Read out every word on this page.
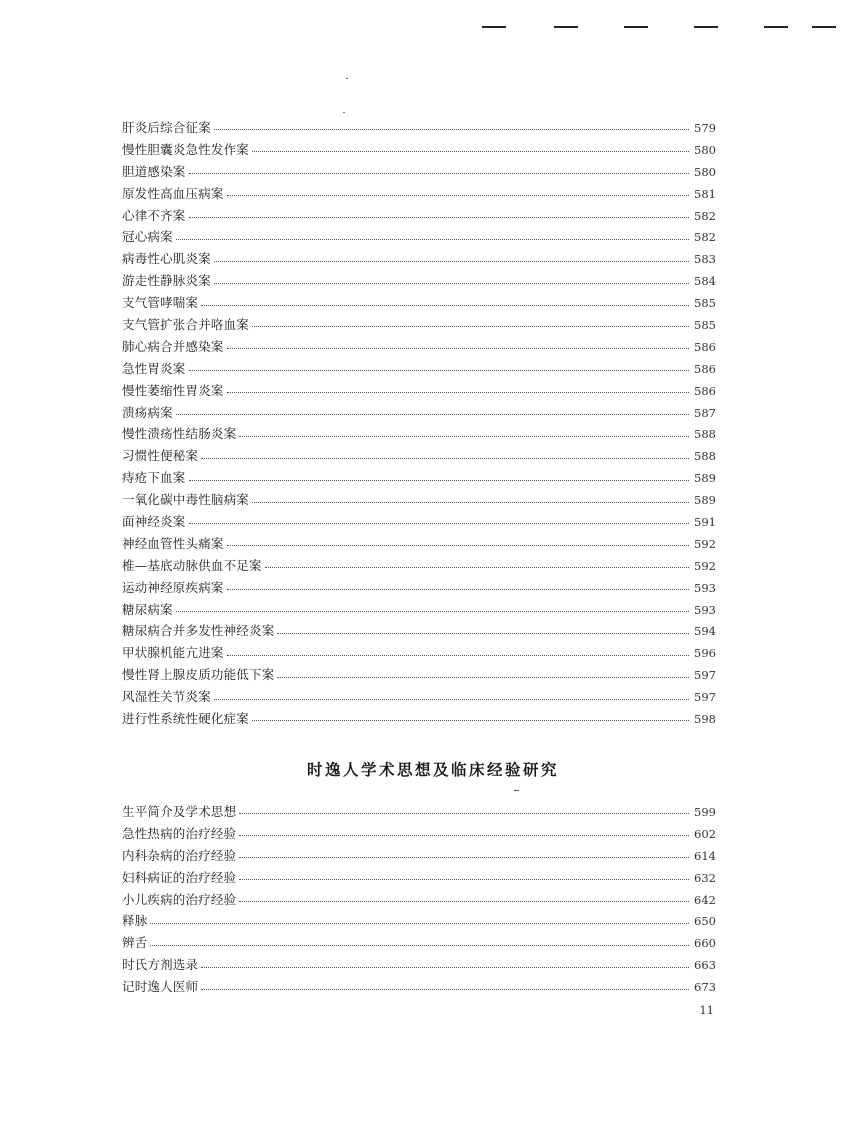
肝炎后综合征案	579
慢性胆囊炎急性发作案	580
胆道感染案	580
原发性高血压病案	581
心律不齐案	582
冠心病案	582
病毒性心肌炎案	583
游走性静脉炎案	584
支气管哮喘案	585
支气管扩张合并咯血案	585
肺心病合并感染案	586
急性胃炎案	586
慢性萎缩性胃炎案	586
溃疡病案	587
慢性溃疡性结肠炎案	588
习惯性便秘案	588
痔疮下血案	589
一氧化碳中毒性脑病案	589
面神经炎案	591
神经血管性头痛案	592
椎—基底动脉供血不足案	592
运动神经原疾病案	593
糖尿病案	593
糖尿病合并多发性神经炎案	594
甲状腺机能亢进案	596
慢性肾上腺皮质功能低下案	597
风湿性关节炎案	597
进行性系统性硬化症案	598
时逸人学术思想及临床经验研究
生平简介及学术思想	599
急性热病的治疗经验	602
内科杂病的治疗经验	614
妇科病证的治疗经验	632
小儿疾病的治疗经验	642
释脉	650
辨舌	660
时氏方剂选录	663
记时逸人医师	673
11
